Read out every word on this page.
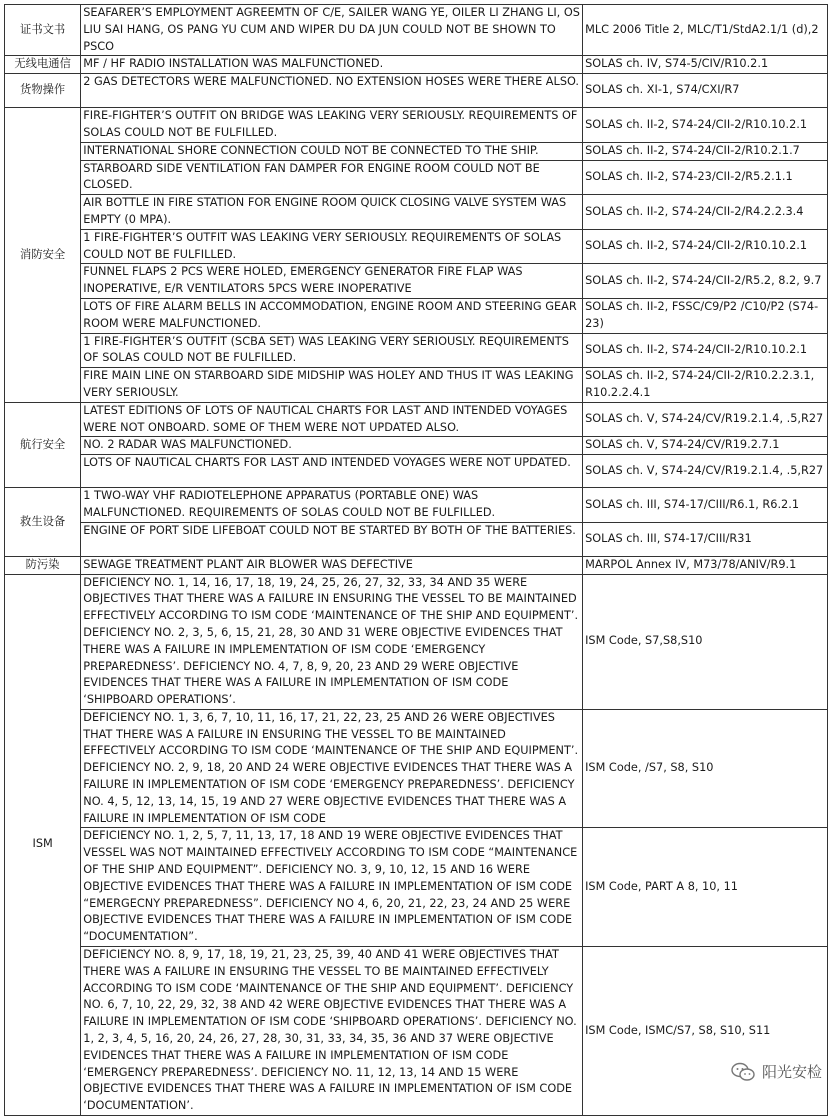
证书文书	SEAFARER’S EMPLOYMENT AGREEMTN OF C/E, SAILER WANG YE, OILER LI ZHANG LI, OS LIU SAI HANG, OS PANG YU CUM AND WIPER DU DA JUN COULD NOT BE SHOWN TO PSCO	MLC 2006 Title 2, MLC/T1/StdA2.1/1 (d),2
无线电通信	MF / HF RADIO INSTALLATION WAS MALFUNCTIONED.	SOLAS ch. IV, S74-5/CIV/R10.2.1
货物操作	2 GAS DETECTORS WERE MALFUNCTIONED. NO EXTENSION HOSES WERE THERE ALSO.	SOLAS ch. XI-1, S74/CXI/R7
消防安全	FIRE-FIGHTER’S OUTFIT ON BRIDGE WAS LEAKING VERY SERIOUSLY. REQUIREMENTS OF SOLAS COULD NOT BE FULFILLED.	SOLAS ch. II-2, S74-24/CII-2/R10.10.2.1
	INTERNATIONAL SHORE CONNECTION COULD NOT BE CONNECTED TO THE SHIP.	SOLAS ch. II-2, S74-24/CII-2/R10.2.1.7
	STARBOARD SIDE VENTILATION FAN DAMPER FOR ENGINE ROOM COULD NOT BE CLOSED.	SOLAS ch. II-2, S74-23/CII-2/R5.2.1.1
	AIR BOTTLE IN FIRE STATION FOR ENGINE ROOM QUICK CLOSING VALVE SYSTEM WAS EMPTY (0 MPA).	SOLAS ch. II-2, S74-24/CII-2/R4.2.2.3.4
	1 FIRE-FIGHTER’S OUTFIT WAS LEAKING VERY SERIOUSLY. REQUIREMENTS OF SOLAS COULD NOT BE FULFILLED.	SOLAS ch. II-2, S74-24/CII-2/R10.10.2.1
	FUNNEL FLAPS 2 PCS WERE HOLED, EMERGENCY GENERATOR FIRE FLAP WAS INOPERATIVE, E/R VENTILATORS 5PCS WERE INOPERATIVE	SOLAS ch. II-2, S74-24/CII-2/R5.2, 8.2, 9.7
	LOTS OF FIRE ALARM BELLS IN ACCOMMODATION, ENGINE ROOM AND STEERING GEAR ROOM WERE MALFUNCTIONED.	SOLAS ch. II-2, FSSC/C9/P2 /C10/P2 (S74-23)
	1 FIRE-FIGHTER’S OUTFIT (SCBA SET) WAS LEAKING VERY SERIOUSLY. REQUIREMENTS OF SOLAS COULD NOT BE FULFILLED.	SOLAS ch. II-2, S74-24/CII-2/R10.10.2.1
	FIRE MAIN LINE ON STARBOARD SIDE MIDSHIP WAS HOLEY AND THUS IT WAS LEAKING VERY SERIOUSLY.	SOLAS ch. II-2, S74-24/CII-2/R10.2.2.3.1, R10.2.2.4.1
航行安全	LATEST EDITIONS OF LOTS OF NAUTICAL CHARTS FOR LAST AND INTENDED VOYAGES WERE NOT ONBOARD. SOME OF THEM WERE NOT UPDATED ALSO.	SOLAS ch. V, S74-24/CV/R19.2.1.4, .5,R27
	NO. 2 RADAR WAS MALFUNCTIONED.	SOLAS ch. V, S74-24/CV/R19.2.7.1
	LOTS OF NAUTICAL CHARTS FOR LAST AND INTENDED VOYAGES WERE NOT UPDATED.	SOLAS ch. V, S74-24/CV/R19.2.1.4, .5,R27
救生设备	1 TWO-WAY VHF RADIOTELEPHONE APPARATUS (PORTABLE ONE) WAS MALFUNCTIONED. REQUIREMENTS OF SOLAS COULD NOT BE FULFILLED.	SOLAS ch. III, S74-17/CIII/R6.1, R6.2.1
	ENGINE OF PORT SIDE LIFEBOAT COULD NOT BE STARTED BY BOTH OF THE BATTERIES.	SOLAS ch. III, S74-17/CIII/R31
防污染	SEWAGE TREATMENT PLANT AIR BLOWER WAS DEFECTIVE	MARPOL Annex IV, M73/78/ANIV/R9.1
ISM	DEFICIENCY NO. 1, 14, 16, 17, 18, 19, 24, 25, 26, 27, 32, 33, 34 AND 35 WERE OBJECTIVES THAT THERE WAS A FAILURE IN ENSURING THE VESSEL TO BE MAINTAINED EFFECTIVELY ACCORDING TO ISM CODE ‘MAINTENANCE OF THE SHIP AND EQUIPMENT’. DEFICIENCY NO. 2, 3, 5, 6, 15, 21, 28, 30 AND 31 WERE OBJECTIVE EVIDENCES THAT THERE WAS A FAILURE IN IMPLEMENTATION OF ISM CODE ‘EMERGENCY PREPAREDNESS’. DEFICIENCY NO. 4, 7, 8, 9, 20, 23 AND 29 WERE OBJECTIVE EVIDENCES THAT THERE WAS A FAILURE IN IMPLEMENTATION OF ISM CODE ‘SHIPBOARD OPERATIONS’.	ISM Code, S7,S8,S10
	DEFICIENCY NO. 1, 3, 6, 7, 10, 11, 16, 17, 21, 22, 23, 25 AND 26 WERE OBJECTIVES THAT THERE WAS A FAILURE IN ENSURING THE VESSEL TO BE MAINTAINED EFFECTIVELY ACCORDING TO ISM CODE ‘MAINTENANCE OF THE SHIP AND EQUIPMENT’. DEFICIENCY NO. 2, 9, 18, 20 AND 24 WERE OBJECTIVE EVIDENCES THAT THERE WAS A FAILURE IN IMPLEMENTATION OF ISM CODE ‘EMERGENCY PREPAREDNESS’. DEFICIENCY NO. 4, 5, 12, 13, 14, 15, 19 AND 27 WERE OBJECTIVE EVIDENCES THAT THERE WAS A FAILURE IN IMPLEMENTATION OF ISM CODE	ISM Code, /S7, S8, S10
	DEFICIENCY NO. 1, 2, 5, 7, 11, 13, 17, 18 AND 19 WERE OBJECTIVE EVIDENCES THAT VESSEL WAS NOT MAINTAINED EFFECTIVELY ACCORDING TO ISM CODE “MAINTENANCE OF THE SHIP AND EQUIPMENT”. DEFICIENCY NO. 3, 9, 10, 12, 15 AND 16 WERE OBJECTIVE EVIDENCES THAT THERE WAS A FAILURE IN IMPLEMENTATION OF ISM CODE “EMERGECNY PREPAREDNESS”. DEFICIENCY NO 4, 6, 20, 21, 22, 23, 24 AND 25 WERE OBJECTIVE EVIDENCES THAT THERE WAS A FAILURE IN IMPLEMENTATION OF ISM CODE “DOCUMENTATION”.	ISM Code, PART A 8, 10, 11
	DEFICIENCY NO. 8, 9, 17, 18, 19, 21, 23, 25, 39, 40 AND 41 WERE OBJECTIVES THAT THERE WAS A FAILURE IN ENSURING THE VESSEL TO BE MAINTAINED EFFECTIVELY ACCORDING TO ISM CODE ‘MAINTENANCE OF THE SHIP AND EQUIPMENT’. DEFICIENCY NO. 6, 7, 10, 22, 29, 32, 38 AND 42 WERE OBJECTIVE EVIDENCES THAT THERE WAS A FAILURE IN IMPLEMENTATION OF ISM CODE ‘SHIPBOARD OPERATIONS’. DEFICIENCY NO. 1, 2, 3, 4, 5, 16, 20, 24, 26, 27, 28, 30, 31, 33, 34, 35, 36 AND 37 WERE OBJECTIVE EVIDENCES THAT THERE WAS A FAILURE IN IMPLEMENTATION OF ISM CODE ‘EMERGENCY PREPAREDNESS’. DEFICIENCY NO. 11, 12, 13, 14 AND 15 WERE OBJECTIVE EVIDENCES THAT THERE WAS A FAILURE IN IMPLEMENTATION OF ISM CODE ‘DOCUMENTATION’.	ISM Code, ISMC/S7, S8, S10, S11
阳光安检
